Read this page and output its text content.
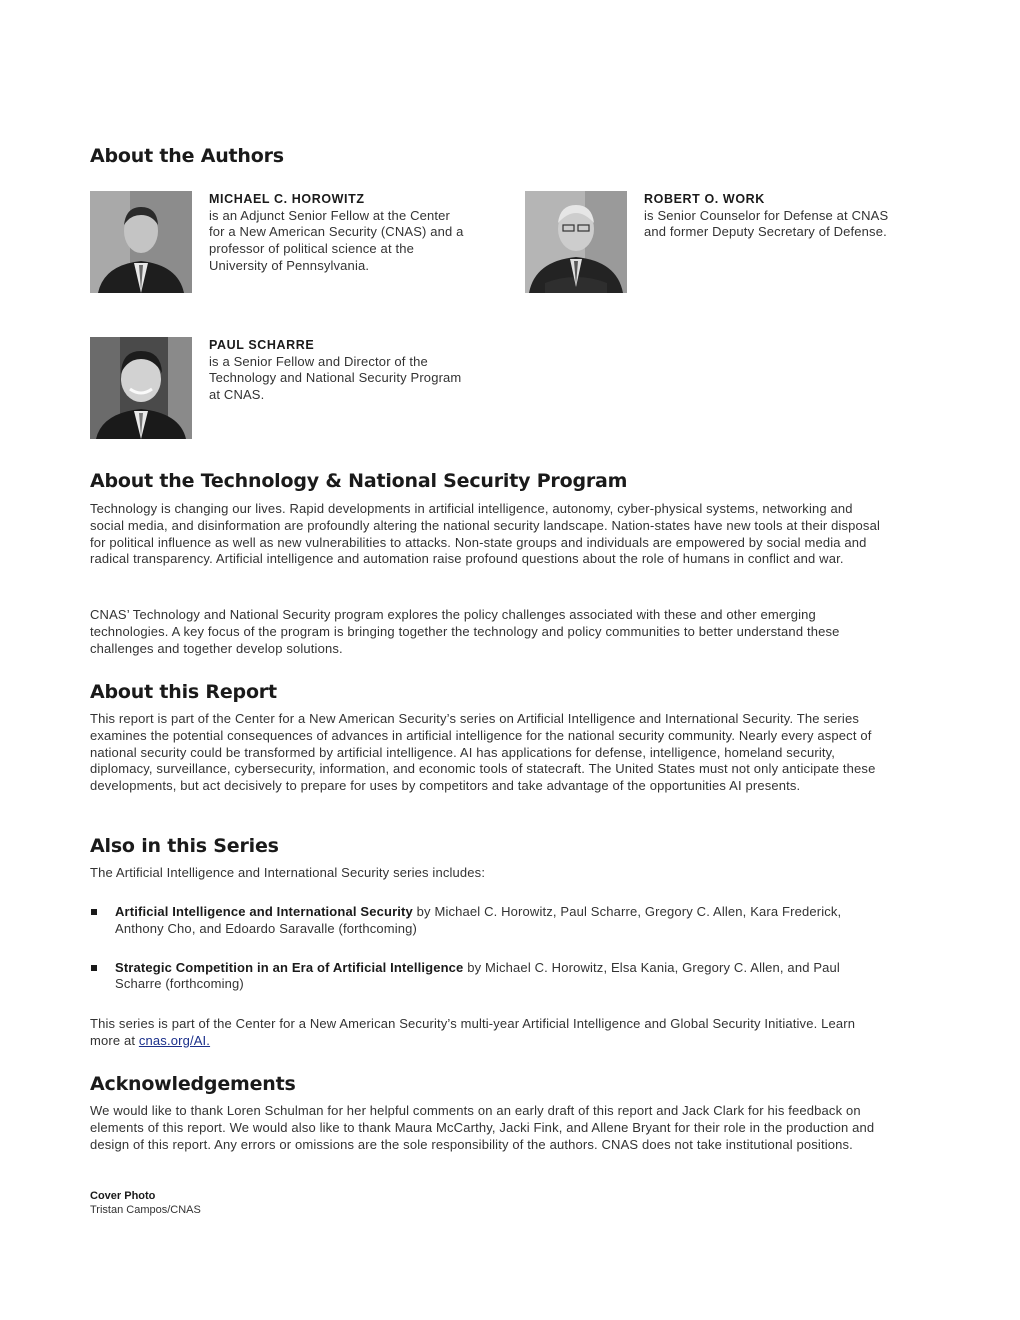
About the Authors
MICHAEL C. HOROWITZ
is an Adjunct Senior Fellow at the Center for a New American Security (CNAS) and a professor of political science at the University of Pennsylvania.
ROBERT O. WORK
is Senior Counselor for Defense at CNAS and former Deputy Secretary of Defense.
PAUL SCHARRE
is a Senior Fellow and Director of the Technology and National Security Program at CNAS.
About the Technology & National Security Program

Technology is changing our lives. Rapid developments in artificial intelligence, autonomy, cyber-physical systems, networking and social media, and disinformation are profoundly altering the national security landscape. Nation-states have new tools at their disposal for political influence as well as new vulnerabilities to attacks. Non-state groups and individuals are empowered by social media and radical transparency. Artificial intelligence and automation raise profound questions about the role of humans in conflict and war.

CNAS’ Technology and National Security program explores the policy challenges associated with these and other emerging technologies. A key focus of the program is bringing together the technology and policy communities to better understand these challenges and together develop solutions.

About this Report

This report is part of the Center for a New American Security’s series on Artificial Intelligence and International Security. The series examines the potential consequences of advances in artificial intelligence for the national security community. Nearly every aspect of national security could be transformed by artificial intelligence. AI has applications for defense, intelligence, homeland security, diplomacy, surveillance, cybersecurity, information, and economic tools of statecraft. The United States must not only anticipate these developments, but act decisively to prepare for uses by competitors and take advantage of the opportunities AI presents.

Also in this Series

The Artificial Intelligence and International Security series includes:

Artificial Intelligence and International Security by Michael C. Horowitz, Paul Scharre, Gregory C. Allen, Kara Frederick, Anthony Cho, and Edoardo Saravalle (forthcoming)
Strategic Competition in an Era of Artificial Intelligence by Michael C. Horowitz, Elsa Kania, Gregory C. Allen, and Paul Scharre (forthcoming)

This series is part of the Center for a New American Security’s multi-year Artificial Intelligence and Global Security Initiative. Learn more at cnas.org/AI.

Acknowledgements

We would like to thank Loren Schulman for her helpful comments on an early draft of this report and Jack Clark for his feedback on elements of this report. We would also like to thank Maura McCarthy, Jacki Fink, and Allene Bryant for their role in the production and design of this report. Any errors or omissions are the sole responsibility of the authors. CNAS does not take institutional positions.

Cover Photo
Tristan Campos/CNAS
